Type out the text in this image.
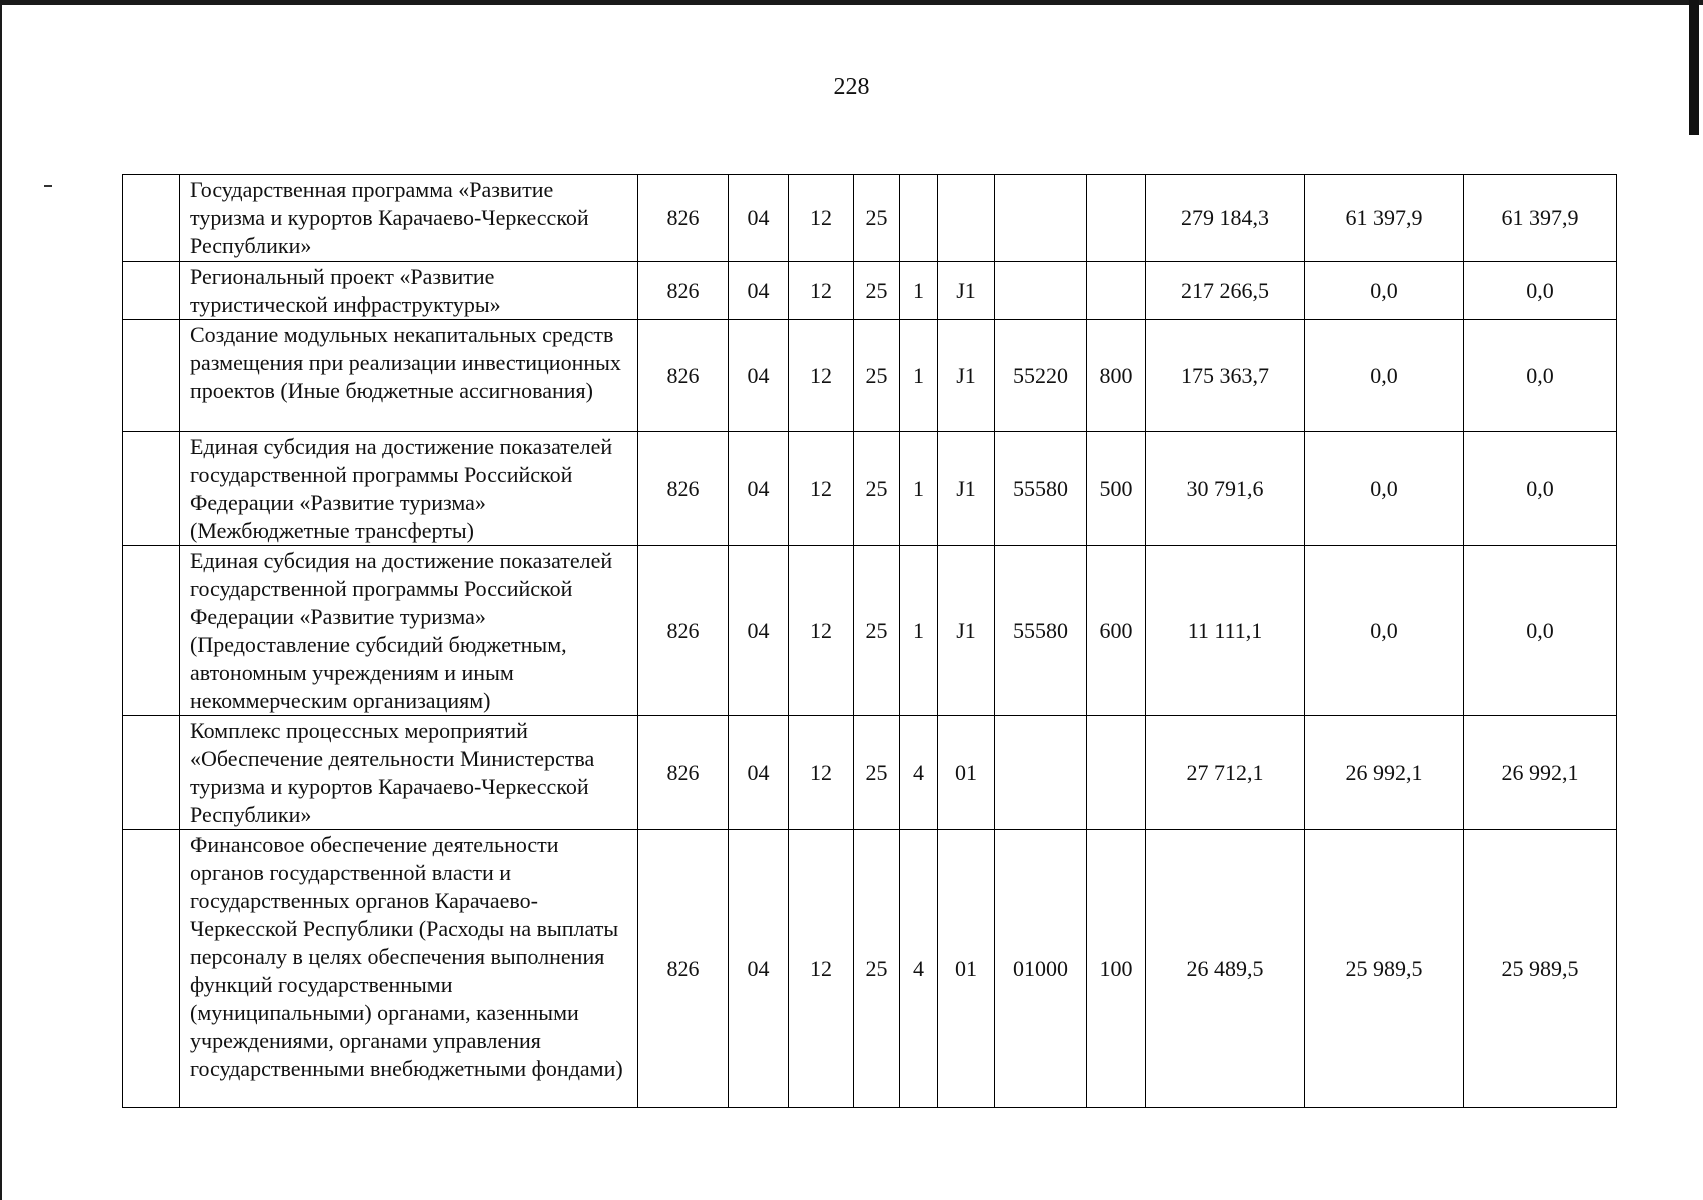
228
	Государственная программа «Развитие туризма и курортов Карачаево-Черкесской Республики»	826	04	12	25					279 184,3	61 397,9	61 397,9
	Региональный проект «Развитие туристической инфраструктуры»	826	04	12	25	1	J1			217 266,5	0,0	0,0
	Создание модульных некапитальных средств размещения при реализации инвестиционных проектов (Иные бюджетные ассигнования)	826	04	12	25	1	J1	55220	800	175 363,7	0,0	0,0
	Единая субсидия на достижение показателей государственной программы Российской Федерации «Развитие туризма» (Межбюджетные трансферты)	826	04	12	25	1	J1	55580	500	30 791,6	0,0	0,0
	Единая субсидия на достижение показателей государственной программы Российской Федерации «Развитие туризма» (Предоставление субсидий бюджетным, автономным учреждениям и иным некоммерческим организациям)	826	04	12	25	1	J1	55580	600	11 111,1	0,0	0,0
	Комплекс процессных мероприятий «Обеспечение деятельности Министерства туризма и курортов Карачаево-Черкесской Республики»	826	04	12	25	4	01			27 712,1	26 992,1	26 992,1
	Финансовое обеспечение деятельности органов государственной власти и государственных органов Карачаево-Черкесской Республики (Расходы на выплаты персоналу в целях обеспечения выполнения функций государственными (муниципальными) органами, казенными учреждениями, органами управления государственными внебюджетными фондами)	826	04	12	25	4	01	01000	100	26 489,5	25 989,5	25 989,5
